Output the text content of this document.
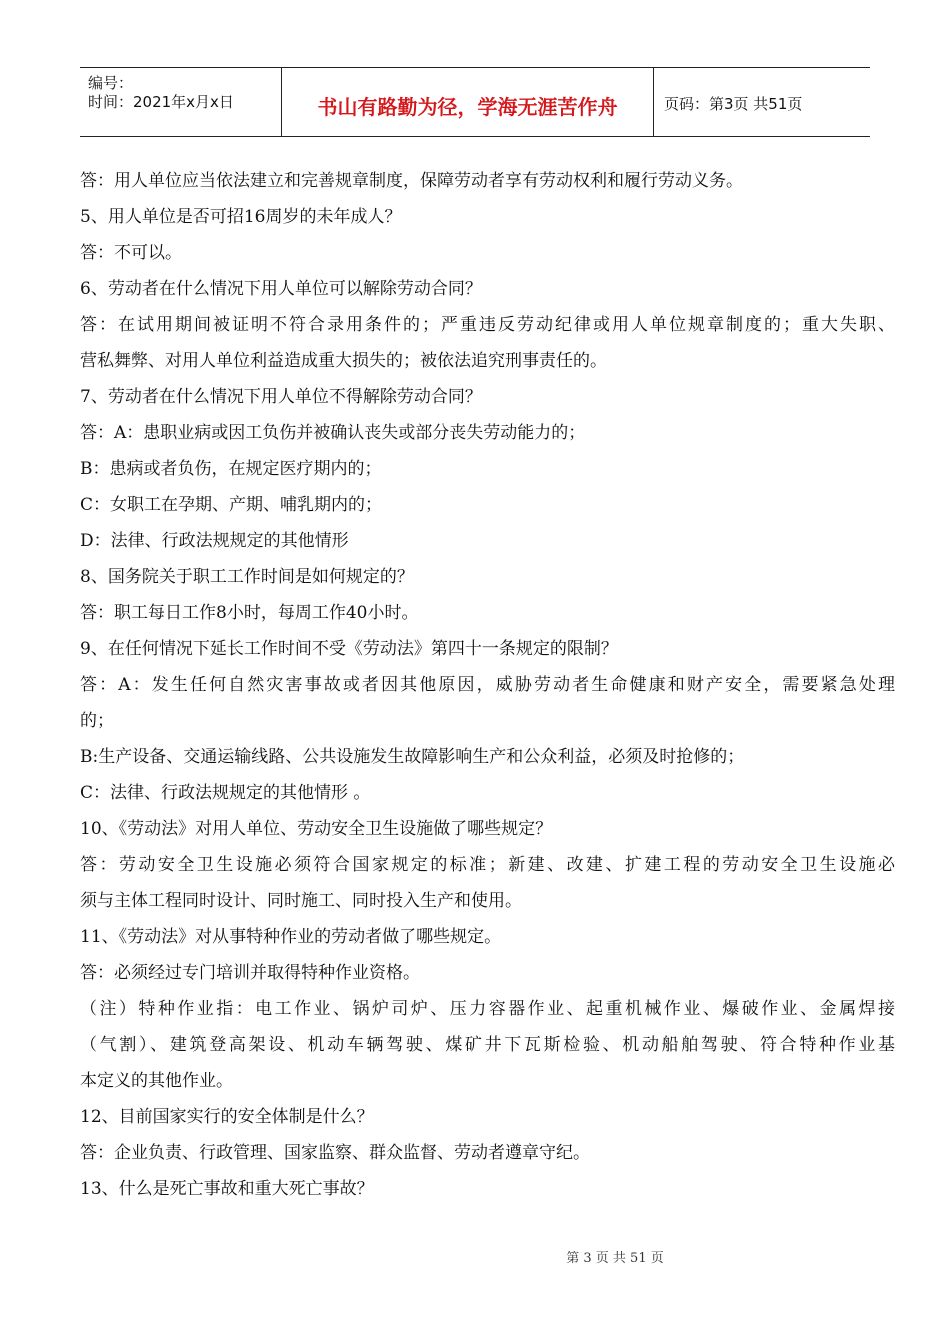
编号：
时间：2021年x月x日	书山有路勤为径，学海无涯苦作舟	页码：第3页 共51页
答：用人单位应当依法建立和完善规章制度，保障劳动者享有劳动权利和履行劳动义务。
5、用人单位是否可招16周岁的未年成人？
答：不可以。
6、劳动者在什么情况下用人单位可以解除劳动合同？
答：在试用期间被证明不符合录用条件的；严重违反劳动纪律或用人单位规章制度的；重大失职、
营私舞弊、对用人单位利益造成重大损失的；被依法追究刑事责任的。
7、劳动者在什么情况下用人单位不得解除劳动合同？
答：A：患职业病或因工负伤并被确认丧失或部分丧失劳动能力的；
B：患病或者负伤，在规定医疗期内的；
C：女职工在孕期、产期、哺乳期内的；
D：法律、行政法规规定的其他情形
8、国务院关于职工工作时间是如何规定的？
答：职工每日工作8小时，每周工作40小时。
9、在任何情况下延长工作时间不受《劳动法》第四十一条规定的限制？
答：A：发生任何自然灾害事故或者因其他原因，威胁劳动者生命健康和财产安全，需要紧急处理
的；
B:生产设备、交通运输线路、公共设施发生故障影响生产和公众利益，必须及时抢修的；
C：法律、行政法规规定的其他情形 。
10、《劳动法》对用人单位、劳动安全卫生设施做了哪些规定？
答：劳动安全卫生设施必须符合国家规定的标准；新建、改建、扩建工程的劳动安全卫生设施必
须与主体工程同时设计、同时施工、同时投入生产和使用。
11、《劳动法》对从事特种作业的劳动者做了哪些规定。
答：必须经过专门培训并取得特种作业资格。
（注）特种作业指：电工作业、锅炉司炉、压力容器作业、起重机械作业、爆破作业、金属焊接
（气割）、建筑登高架设、机动车辆驾驶、煤矿井下瓦斯检验、机动船舶驾驶、符合特种作业基
本定义的其他作业。
12、目前国家实行的安全体制是什么？
答：企业负责、行政管理、国家监察、群众监督、劳动者遵章守纪。
13、什么是死亡事故和重大死亡事故？
第 3 页 共 51 页
